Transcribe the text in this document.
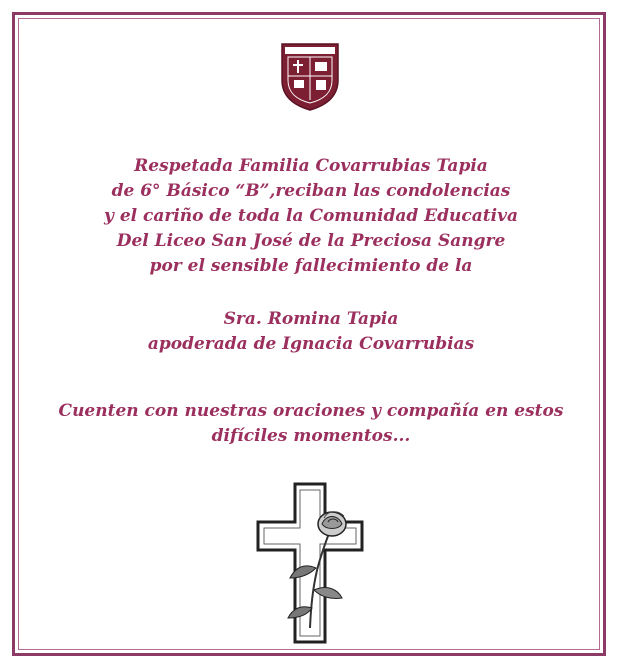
Respetada Familia Covarrubias Tapia

de 6° Básico “B”,reciban las condolencias

y el cariño de toda la Comunidad Educativa

Del Liceo San José de la Preciosa Sangre

por el sensible fallecimiento de la

Sra. Romina Tapia

apoderada de Ignacia Covarrubias

Cuenten con nuestras oraciones y compañía en estos

difíciles momentos...
